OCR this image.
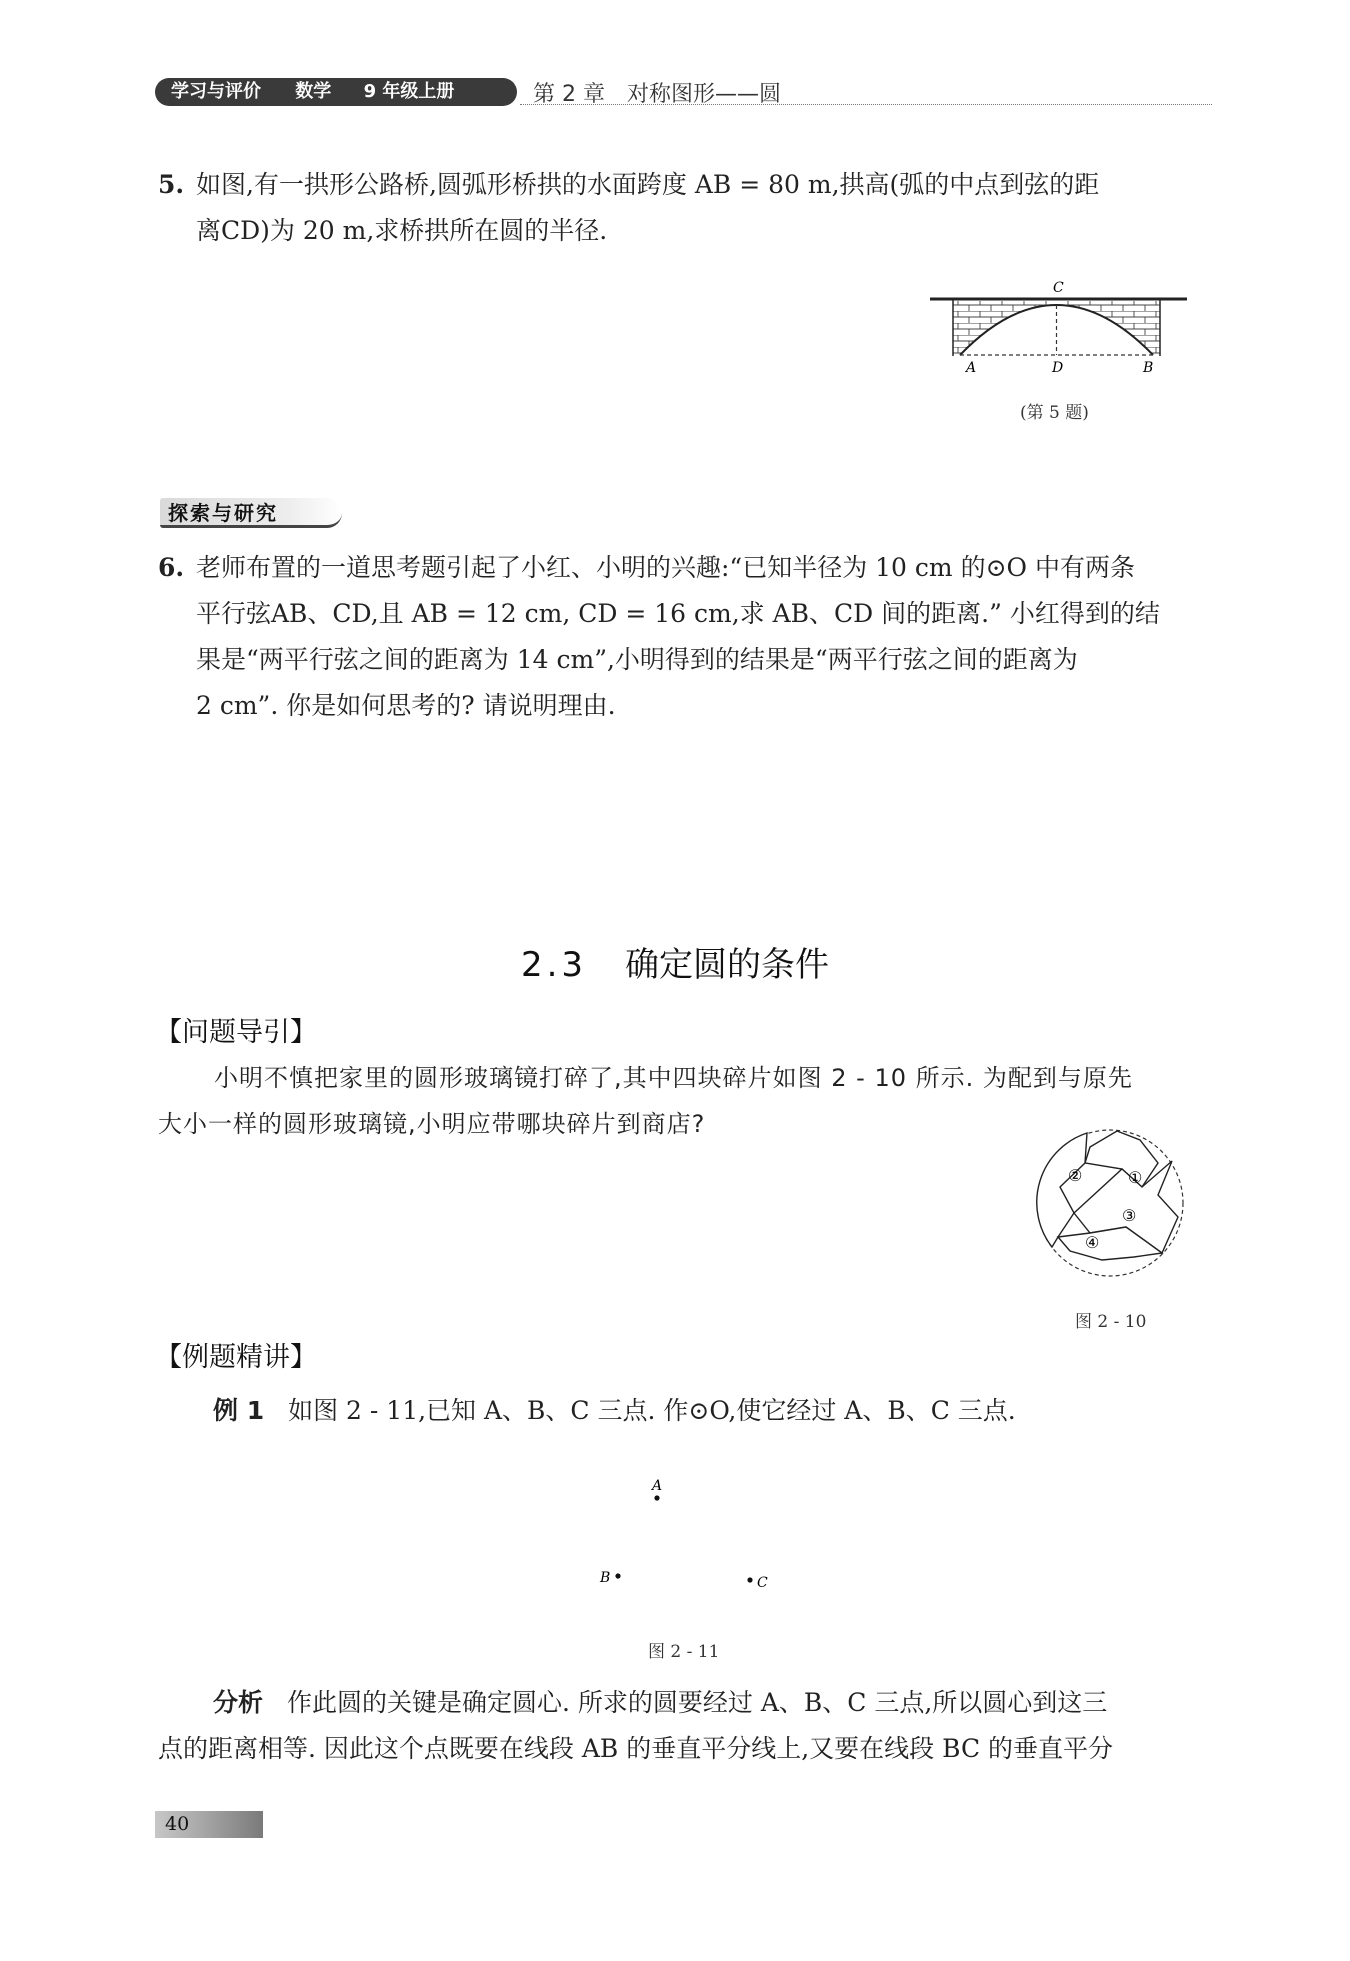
学习与评价 数学 9 年级上册	第 2 章　对称图形——圆
5. 如图,有一拱形公路桥,圆弧形桥拱的水面跨度 AB = 80 m,拱高(弧的中点到弦的距
离CD)为 20 m,求桥拱所在圆的半径.
C
A	D	B
(第 5 题)
探索与研究
6. 老师布置的一道思考题引起了小红、小明的兴趣:“已知半径为 10 cm 的⊙O 中有两条
平行弦AB、CD,且 AB = 12 cm, CD = 16 cm,求 AB、CD 间的距离.” 小红得到的结
果是“两平行弦之间的距离为 14 cm”,小明得到的结果是“两平行弦之间的距离为
2 cm”. 你是如何思考的? 请说明理由.
2.3 确定圆的条件
【问题导引】
小明不慎把家里的圆形玻璃镜打碎了,其中四块碎片如图 2 - 10 所示. 为配到与原先
大小一样的圆形玻璃镜,小明应带哪块碎片到商店?
②	①
③
④
图 2 - 10
【例题精讲】
例 1 如图 2 - 11,已知 A、B、C 三点. 作⊙O,使它经过 A、B、C 三点.
A
B	C
图 2 - 11
分析 作此圆的关键是确定圆心. 所求的圆要经过 A、B、C 三点,所以圆心到这三
点的距离相等. 因此这个点既要在线段 AB 的垂直平分线上,又要在线段 BC 的垂直平分
40
